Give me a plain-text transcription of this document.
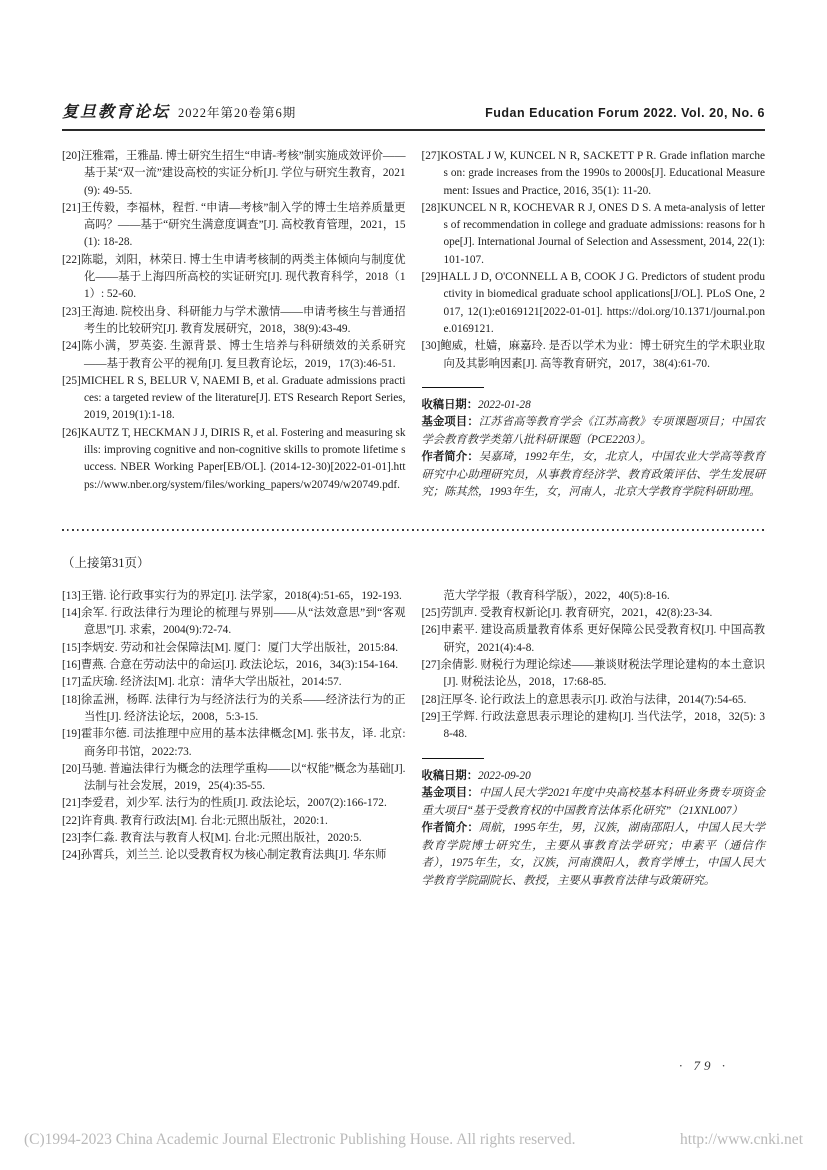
复旦教育论坛 2022年第20卷第6期	Fudan Education Forum 2022. Vol. 20, No. 6

[20]汪雅霜，王雅晶. 博士研究生招生“申请-考核”制实施成效评价——基于某“双一流”建设高校的实证分析[J]. 学位与研究生教育，2021(9): 49-55.

[21]王传毅，李福林，程哲. “申请—考核”制入学的博士生培养质量更高吗？——基于“研究生满意度调查”[J]. 高校教育管理，2021，15(1): 18-28.

[22]陈聪，刘阳，林荣日. 博士生申请考核制的两类主体倾向与制度优化——基于上海四所高校的实证研究[J]. 现代教育科学，2018（11）: 52-60.

[23]王海迪. 院校出身、科研能力与学术激情——申请考核生与普通招考生的比较研究[J]. 教育发展研究，2018，38(9):43-49.

[24]陈小满，罗英姿. 生源背景、博士生培养与科研绩效的关系研究——基于教育公平的视角[J]. 复旦教育论坛，2019，17(3):46-51.

[25]MICHEL R S, BELUR V, NAEMI B, et al. Graduate admissions practices: a targeted review of the literature[J]. ETS Research Report Series, 2019, 2019(1):1-18.

[26]KAUTZ T, HECKMAN J J, DIRIS R, et al. Fostering and measuring skills: improving cognitive and non-cognitive skills to promote lifetime success. NBER Working Paper[EB/OL]. (2014-12-30)[2022-01-01].https://www.nber.org/system/files/working_papers/w20749/w20749.pdf.

[27]KOSTAL J W, KUNCEL N R, SACKETT P R. Grade inflation marches on: grade increases from the 1990s to 2000s[J]. Educational Measurement: Issues and Practice, 2016, 35(1): 11-20.

[28]KUNCEL N R, KOCHEVAR R J, ONES D S. A meta-analysis of letters of recommendation in college and graduate admissions: reasons for hope[J]. International Journal of Selection and Assessment, 2014, 22(1): 101-107.

[29]HALL J D, O'CONNELL A B, COOK J G. Predictors of student productivity in biomedical graduate school applications[J/OL]. PLoS One, 2017, 12(1):e0169121[2022-01-01]. https://doi.org/10.1371/journal.pone.0169121.

[30]鲍威，杜嫱，麻嘉玲. 是否以学术为业：博士研究生的学术职业取向及其影响因素[J]. 高等教育研究，2017，38(4):61-70.

收稿日期：2022-01-28

基金项目：江苏省高等教育学会《江苏高教》专项课题项目；中国农学会教育教学类第八批科研课题（PCE2203）。

作者简介：吴嘉琦，1992年生，女，北京人，中国农业大学高等教育研究中心助理研究员，从事教育经济学、教育政策评估、学生发展研究；陈其然，1993年生，女，河南人，北京大学教育学院科研助理。

（上接第31页）

[13]王锴. 论行政事实行为的界定[J]. 法学家，2018(4):51-65，192-193.

[14]余军. 行政法律行为理论的梳理与界别——从“法效意思”到“客观意思”[J]. 求索，2004(9):72-74.

[15]李炳安. 劳动和社会保障法[M]. 厦门：厦门大学出版社，2015:84.

[16]曹燕. 合意在劳动法中的命运[J]. 政法论坛，2016，34(3):154-164.

[17]孟庆瑜. 经济法[M]. 北京：清华大学出版社，2014:57.

[18]徐孟洲，杨晖. 法律行为与经济法行为的关系——经济法行为的正当性[J]. 经济法论坛，2008，5:3-15.

[19]霍菲尔德. 司法推理中应用的基本法律概念[M]. 张书友，译. 北京:商务印书馆，2022:73.

[20]马驰. 普遍法律行为概念的法理学重构——以“权能”概念为基础[J]. 法制与社会发展，2019，25(4):35-55.

[21]李爱君，刘少军. 法行为的性质[J]. 政法论坛，2007(2):166-172.

[22]许育典. 教育行政法[M]. 台北:元照出版社，2020:1.

[23]李仁淼. 教育法与教育人权[M]. 台北:元照出版社，2020:5.

[24]孙霄兵，刘兰兰. 论以受教育权为核心制定教育法典[J]. 华东师

范大学学报（教育科学版），2022，40(5):8-16.

[25]劳凯声. 受教育权新论[J]. 教育研究，2021，42(8):23-34.

[26]申素平. 建设高质量教育体系 更好保障公民受教育权[J]. 中国高教研究，2021(4):4-8.

[27]余倩影. 财税行为理论综述——兼谈财税法学理论建构的本土意识[J]. 财税法论丛，2018，17:68-85.

[28]汪厚冬. 论行政法上的意思表示[J]. 政治与法律，2014(7):54-65.

[29]王学辉. 行政法意思表示理论的建构[J]. 当代法学，2018，32(5): 38-48.

收稿日期：2022-09-20

基金项目：中国人民大学2021年度中央高校基本科研业务费专项资金重大项目“基于受教育权的中国教育法体系化研究”（21XNL007）

作者简介：周航，1995年生，男，汉族，湖南邵阳人，中国人民大学教育学院博士研究生，主要从事教育法学研究；申素平（通信作者），1975年生，女，汉族，河南濮阳人，教育学博士，中国人民大学教育学院副院长、教授，主要从事教育法律与政策研究。

· 79 ·
(C)1994-2023 China Academic Journal Electronic Publishing House. All rights reserved.	http://www.cnki.net
